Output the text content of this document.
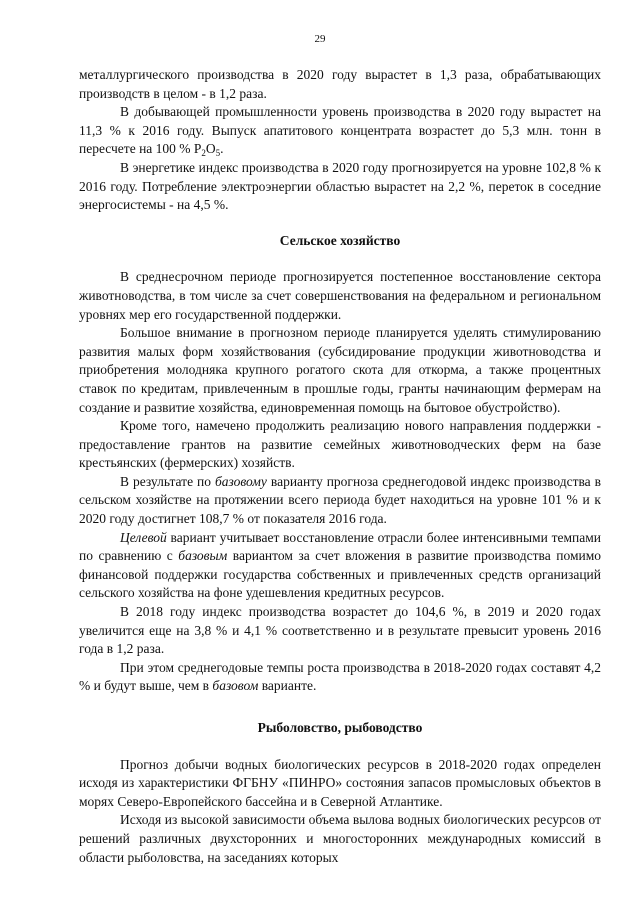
29

металлургического производства в 2020 году вырастет в 1,3 раза, обрабатывающих производств в целом - в 1,2 раза.

В добывающей промышленности уровень производства в 2020 году вырастет на 11,3 % к 2016 году. Выпуск апатитового концентрата возрастет до 5,3 млн. тонн в пересчете на 100 % $P_2O_5$.

В энергетике индекс производства в 2020 году прогнозируется на уровне 102,8 % к 2016 году. Потребление электроэнергии областью вырастет на 2,2 %, переток в соседние энергосистемы - на 4,5 %.

Сельское хозяйство

В среднесрочном периоде прогнозируется постепенное восстановление сектора животноводства, в том числе за счет совершенствования на федеральном и региональном уровнях мер его государственной поддержки.

Большое внимание в прогнозном периоде планируется уделять стимулированию развития малых форм хозяйствования (субсидирование продукции животноводства и приобретения молодняка крупного рогатого скота для откорма, а также процентных ставок по кредитам, привлеченным в прошлые годы, гранты начинающим фермерам на создание и развитие хозяйства, единовременная помощь на бытовое обустройство).

Кроме того, намечено продолжить реализацию нового направления поддержки - предоставление грантов на развитие семейных животноводческих ферм на базе крестьянских (фермерских) хозяйств.

В результате по базовому варианту прогноза среднегодовой индекс производства в сельском хозяйстве на протяжении всего периода будет находиться на уровне 101 % и к 2020 году достигнет 108,7 % от показателя 2016 года.

Целевой вариант учитывает восстановление отрасли более интенсивными темпами по сравнению с базовым вариантом за счет вложения в развитие производства помимо финансовой поддержки государства собственных и привлеченных средств организаций сельского хозяйства на фоне удешевления кредитных ресурсов.

В 2018 году индекс производства возрастет до 104,6 %, в 2019 и 2020 годах увеличится еще на 3,8 % и 4,1 % соответственно и в результате превысит уровень 2016 года в 1,2 раза.

При этом среднегодовые темпы роста производства в 2018-2020 годах составят 4,2 % и будут выше, чем в базовом варианте.

Рыболовство, рыбоводство

Прогноз добычи водных биологических ресурсов в 2018-2020 годах определен исходя из характеристики ФГБНУ «ПИНРО» состояния запасов промысловых объектов в морях Северо-Европейского бассейна и в Северной Атлантике.

Исходя из высокой зависимости объема вылова водных биологических ресурсов от решений различных двухсторонних и многосторонних международных комиссий в области рыболовства, на заседаниях которых
